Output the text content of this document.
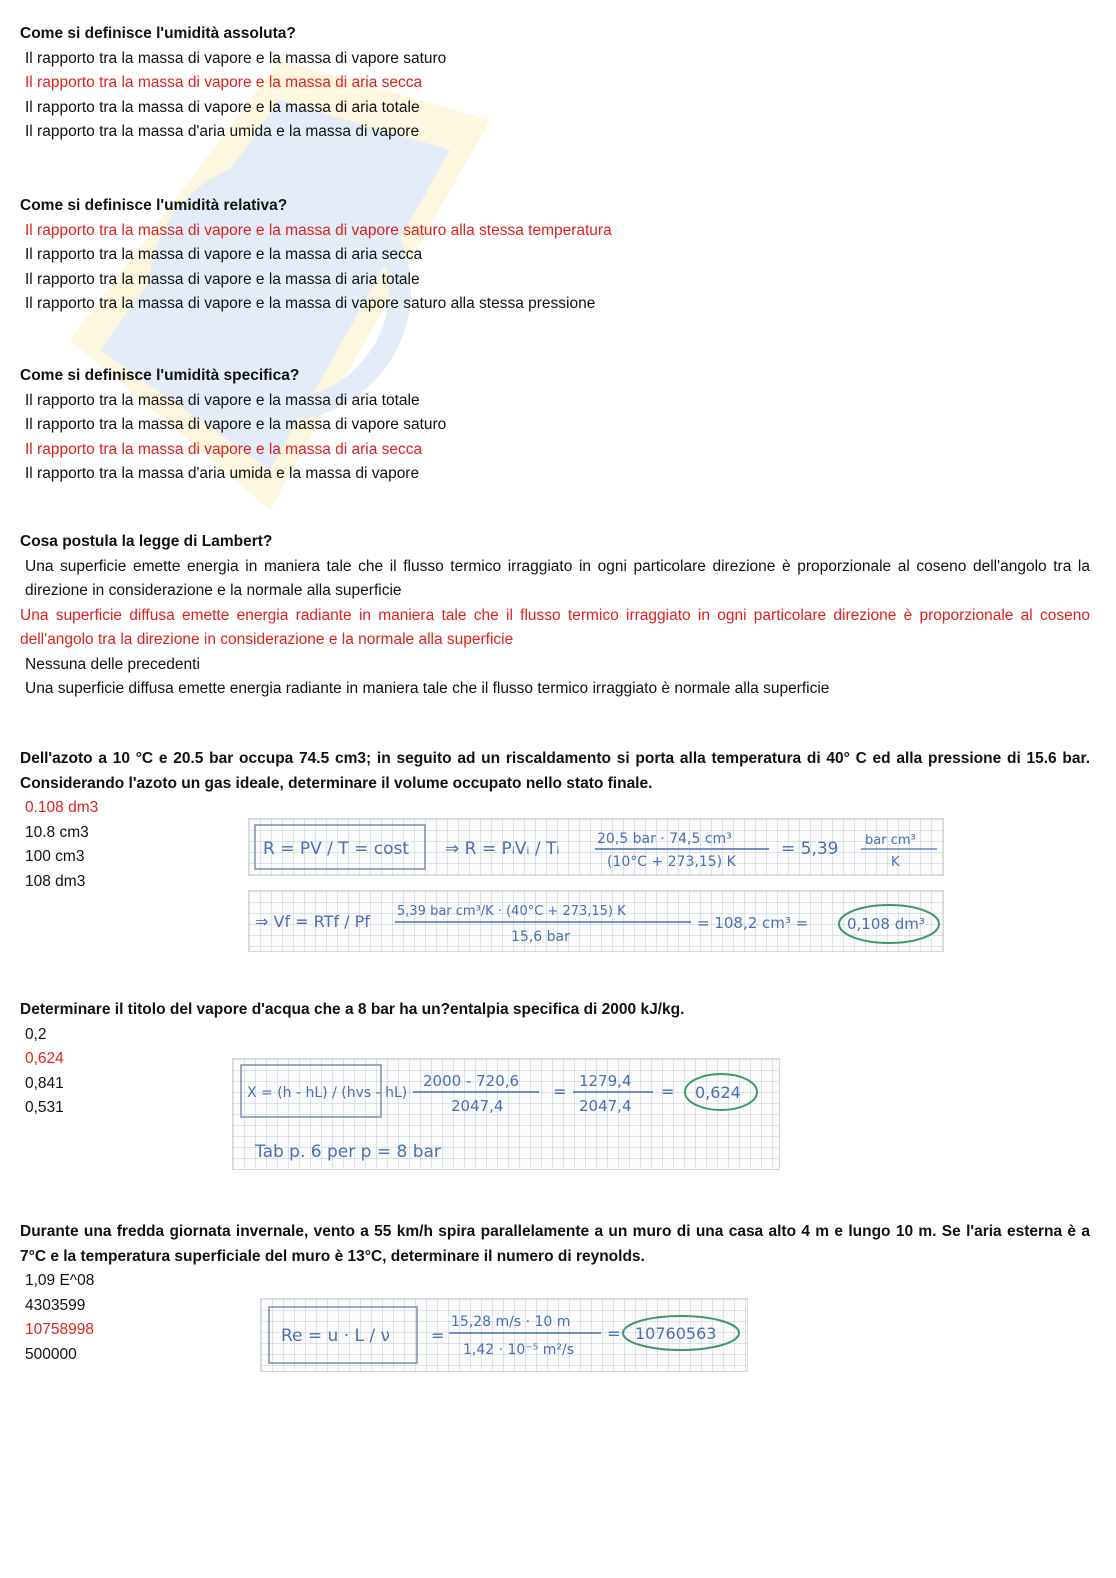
Come si definisce l'umidità assoluta?
Il rapporto tra la massa di vapore e la massa di vapore saturo
Il rapporto tra la massa di vapore e la massa di aria secca
Il rapporto tra la massa di vapore e la massa di aria totale
Il rapporto tra la massa d'aria umida e la massa di vapore
Come si definisce l'umidità relativa?
Il rapporto tra la massa di vapore e la massa di vapore saturo alla stessa temperatura
Il rapporto tra la massa di vapore e la massa di aria secca
Il rapporto tra la massa di vapore e la massa di aria totale
Il rapporto tra la massa di vapore e la massa di vapore saturo alla stessa pressione
Come si definisce l'umidità specifica?
Il rapporto tra la massa di vapore e la massa di aria totale
Il rapporto tra la massa di vapore e la massa di vapore saturo
Il rapporto tra la massa di vapore e la massa di aria secca
Il rapporto tra la massa d'aria umida e la massa di vapore
Cosa postula la legge di Lambert?
Una superficie emette energia in maniera tale che il flusso termico irraggiato in ogni particolare direzione è proporzionale al coseno dell'angolo tra la direzione in considerazione e la normale alla superficie
Una superficie diffusa emette energia radiante in maniera tale che il flusso termico irraggiato in ogni particolare direzione è proporzionale al coseno dell'angolo tra la direzione in considerazione e la normale alla superficie
Nessuna delle precedenti
Una superficie diffusa emette energia radiante in maniera tale che il flusso termico irraggiato è normale alla superficie
Dell'azoto a 10 °C e 20.5 bar occupa 74.5 cm3; in seguito ad un riscaldamento si porta alla temperatura di 40° C ed alla pressione di 15.6 bar. Considerando l'azoto un gas ideale, determinare il volume occupato nello stato finale.
0.108 dm3
10.8 cm3
100 cm3
108 dm3
R = PV / T = cost ⇒ R = PᵢVᵢ / Tᵢ	20,5 bar · 74,5 cm³
(10°C + 273,15) K
= 5,39 bar cm³
K
⇒ Vf = RTf / Pf
5,39 bar cm³/K · (40°C + 273,15) K
15,6 bar
= 108,2 cm³ =	0,108 dm³
Determinare il titolo del vapore d'acqua che a 8 bar ha un?entalpia specifica di 2000 kJ/kg.
0,2
0,624
0,841
0,531
X = (h - hL) / (hvs - hL)
2000 - 720,6
2047,4
=
1279,4
2047,4
= 0,624
Tab p. 6 per p = 8 bar
Durante una fredda giornata invernale, vento a 55 km/h spira parallelamente a un muro di una casa alto 4 m e lungo 10 m. Se l'aria esterna è a 7°C e la temperatura superficiale del muro è 13°C, determinare il numero di reynolds.
1,09 E^08
4303599
10758998
500000
Re = u · L / ν	=
15,28 m/s · 10 m
1,42 · 10⁻⁵ m²/s
= 10760563
